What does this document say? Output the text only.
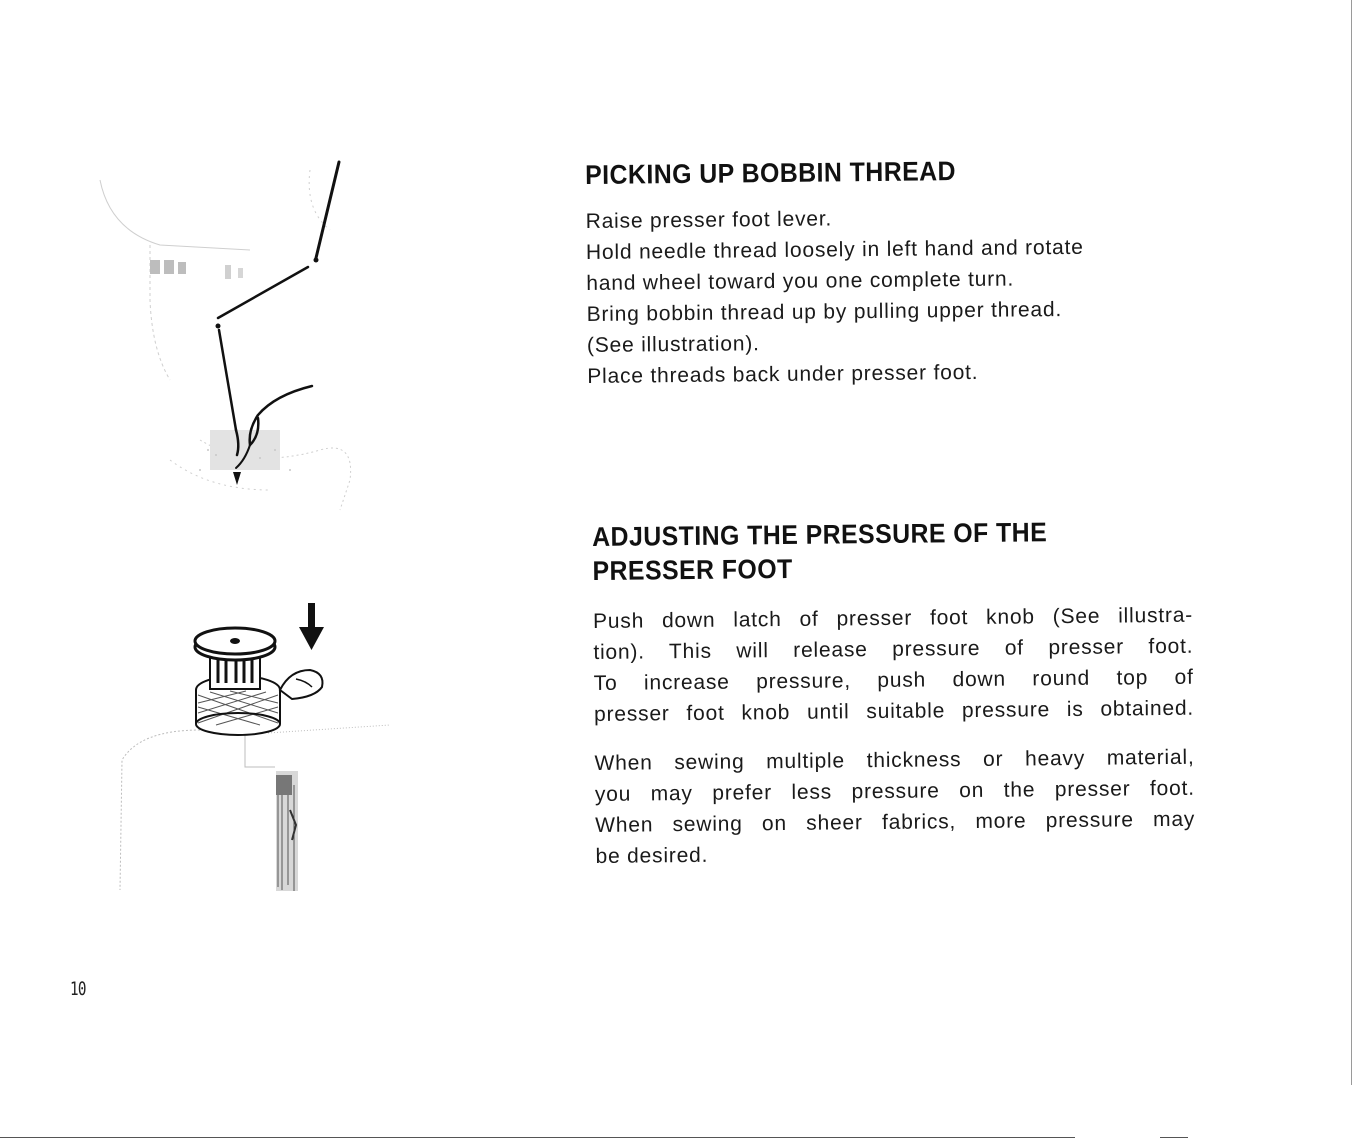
PICKING UP BOBBIN THREAD
Raise presser foot lever.
Hold needle thread loosely in left hand and rotate
hand wheel toward you one complete turn.
Bring bobbin thread up by pulling upper thread.
(See illustration).
Place threads back under presser foot.
ADJUSTING THE PRESSURE OF THE
PRESSER FOOT
Push down latch of presser foot knob (See illustra-
tion). This will release pressure of presser foot.
To increase pressure, push down round top of
presser foot knob until suitable pressure is obtained.
When sewing multiple thickness or heavy material,
you may prefer less pressure on the presser foot.
When sewing on sheer fabrics, more pressure may
be desired.
10
